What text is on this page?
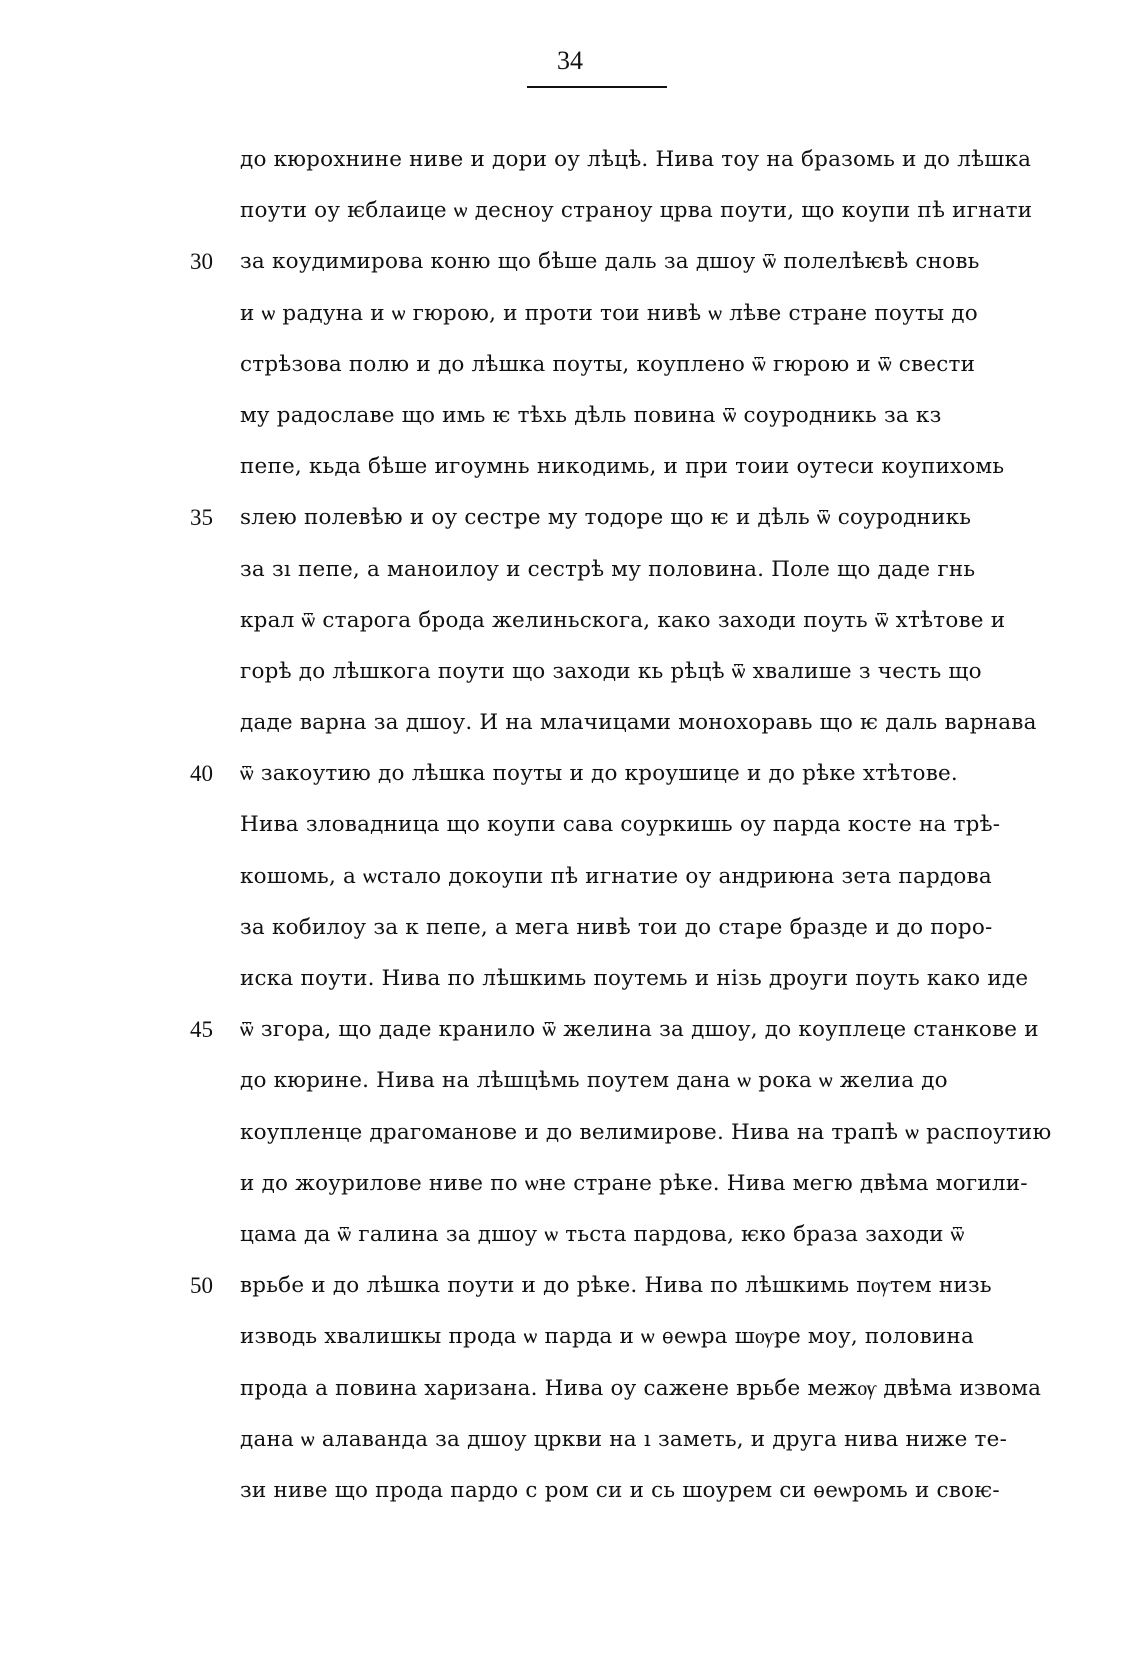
34
до кюрохнине ниве и дори оу лѣцѣ. Нива тоу на бразомь и до лѣшка
поути оу ѥблаице ѡ десноу страноу црва поути, що коупи пѣ игнати
30	за коудимирова коню що бѣше даль за дшоу ѿ полелѣѥвѣ сновь
и ѡ радуна и ѡ гюрою, и проти тои нивѣ ѡ лѣве стране поуты до
стрѣзова полю и до лѣшка поуты, коуплено ѿ гюрою и ѿ свести
му радославе що имь ѥ тѣхь дѣль повина ѿ соуродникь за кз
пепе, кьда бѣше игоумнь никодимь, и при тоии оутеси коупихомь
35	ѕлею полевѣю и оу сестре му тодоре що ѥ и дѣль ѿ соуродникь
за зı пепе, а маноилоу и сестрѣ му половина. Поле що даде гнь
крал ѿ старога брода желиньскога, како заходи поуть ѿ хтѣтове и
горѣ до лѣшкога поути що заходи кь рѣцѣ ѿ хвалише з честь що
даде варна за дшоу. И на млачицами монохоравь що ѥ даль варнава
40	ѿ закоутию до лѣшка поуты и до кроушице и до рѣке хтѣтове.
Нива зловадница що коупи сава соуркишь оу парда косте на трѣ-
кошомь, а ѡстало докоупи пѣ игнатие оу андриюна зета пардова
за кобилоу за к пепе, а мега нивѣ тои до старе бразде и до поро-
иска поути. Нива по лѣшкимь поутемь и нізь дроуги поуть како иде
45	ѿ згора, що даде кранило ѿ желина за дшоу, до коуплеце станкове и
до кюрине. Нива на лѣшцѣмь поутем дана ѡ рока ѡ желиа до
коупленце драгоманове и до велимирове. Нива на трапѣ ѡ распоутию
и до жоуриловe ниве по ѡне стране рѣке. Нива мегю двѣма могили-
цама да ѿ галина за дшоу ѡ тьста пардова, ѥко браза заходи ѿ
50	врьбе и до лѣшка поути и до рѣке. Нива по лѣшкимь пѹтем низь
изводь хвалишкы прода ѡ парда и ѡ ѳеѡра шѹре моу, половина
прода а повина харизана. Нива оу сажене врьбе межѹ двѣма извома
дана ѡ алаванда за дшоу цркви на ı заметь, и друга нива ниже те-
зи ниве що прода пардо с ром си и сь шоурем си ѳеѡромь и своѥ-
